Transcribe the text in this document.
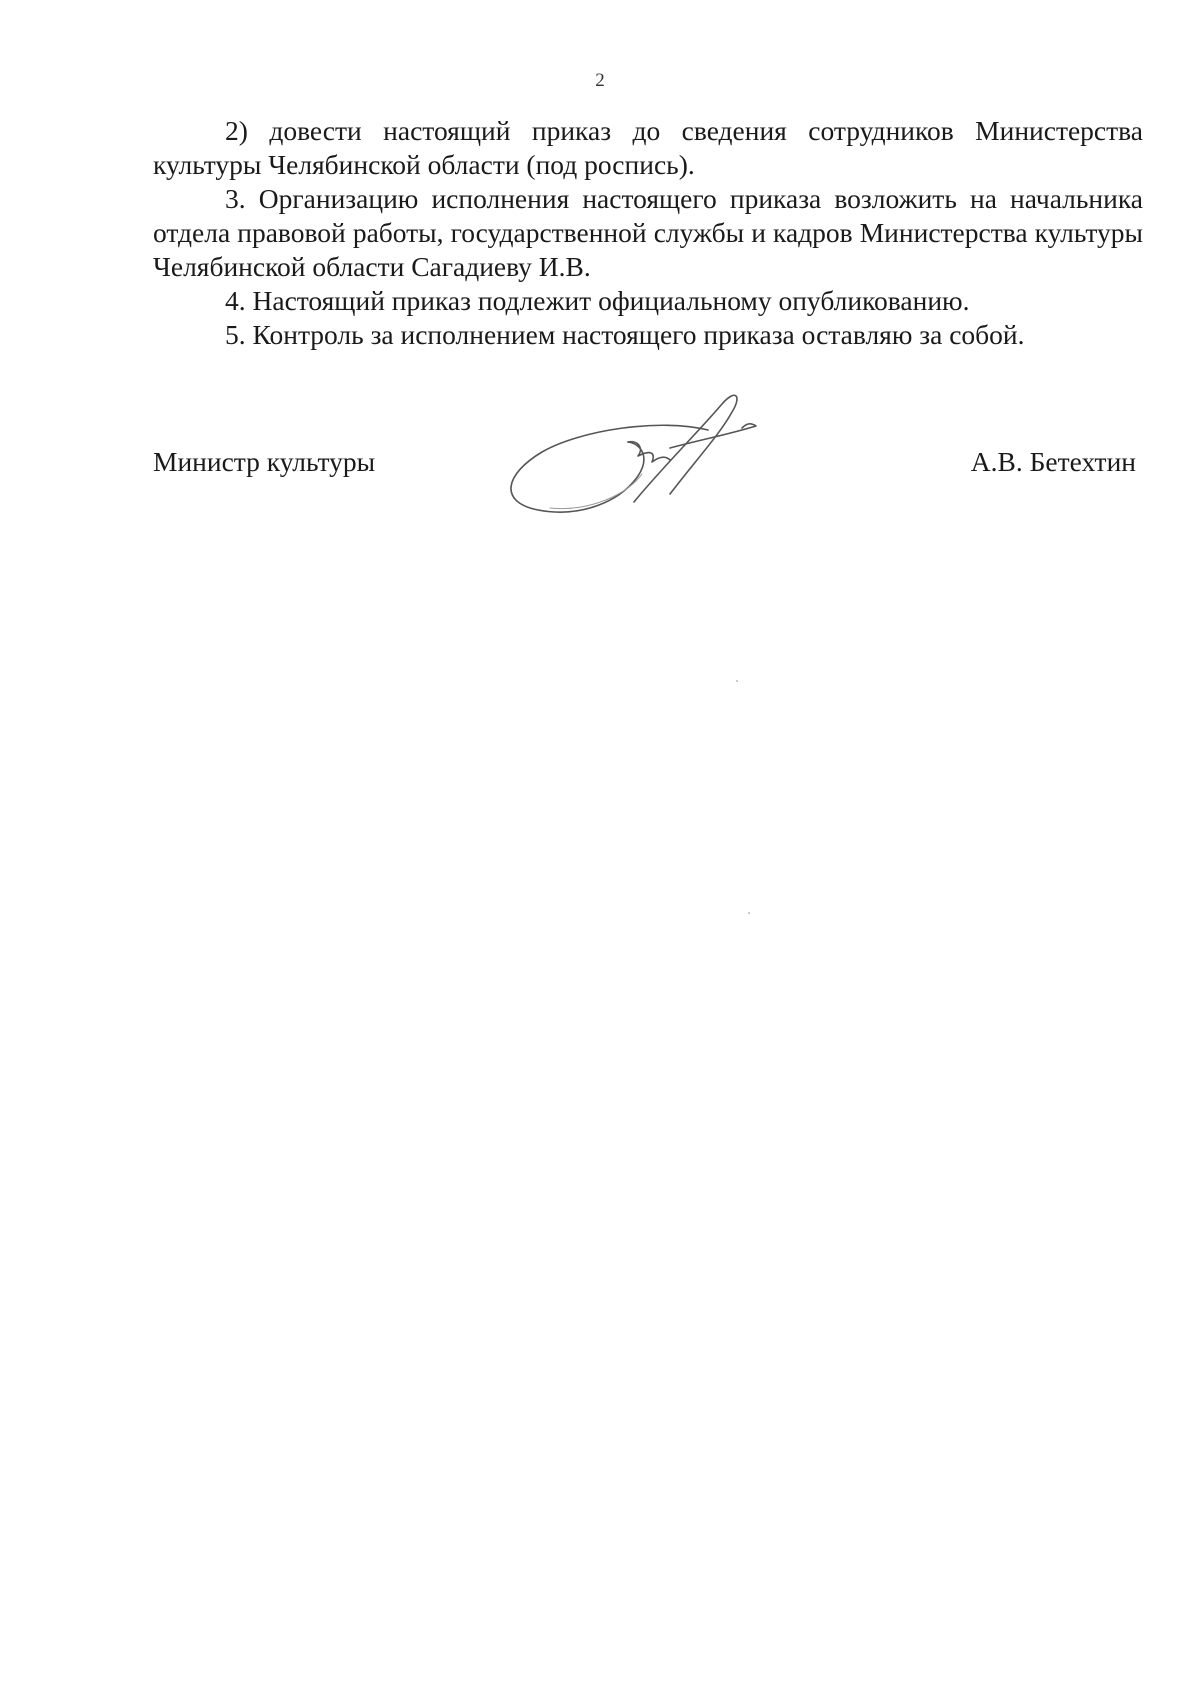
2

2) довести настоящий приказ до сведения сотрудников Министерства культуры Челябинской области (под роспись).

3. Организацию исполнения настоящего приказа возложить на начальника отдела правовой работы, государственной службы и кадров Министерства культуры Челябинской области Сагадиеву И.В.

4. Настоящий приказ подлежит официальному опубликованию.

5. Контроль за исполнением настоящего приказа оставляю за собой.

Министр культуры	А.В. Бетехтин
